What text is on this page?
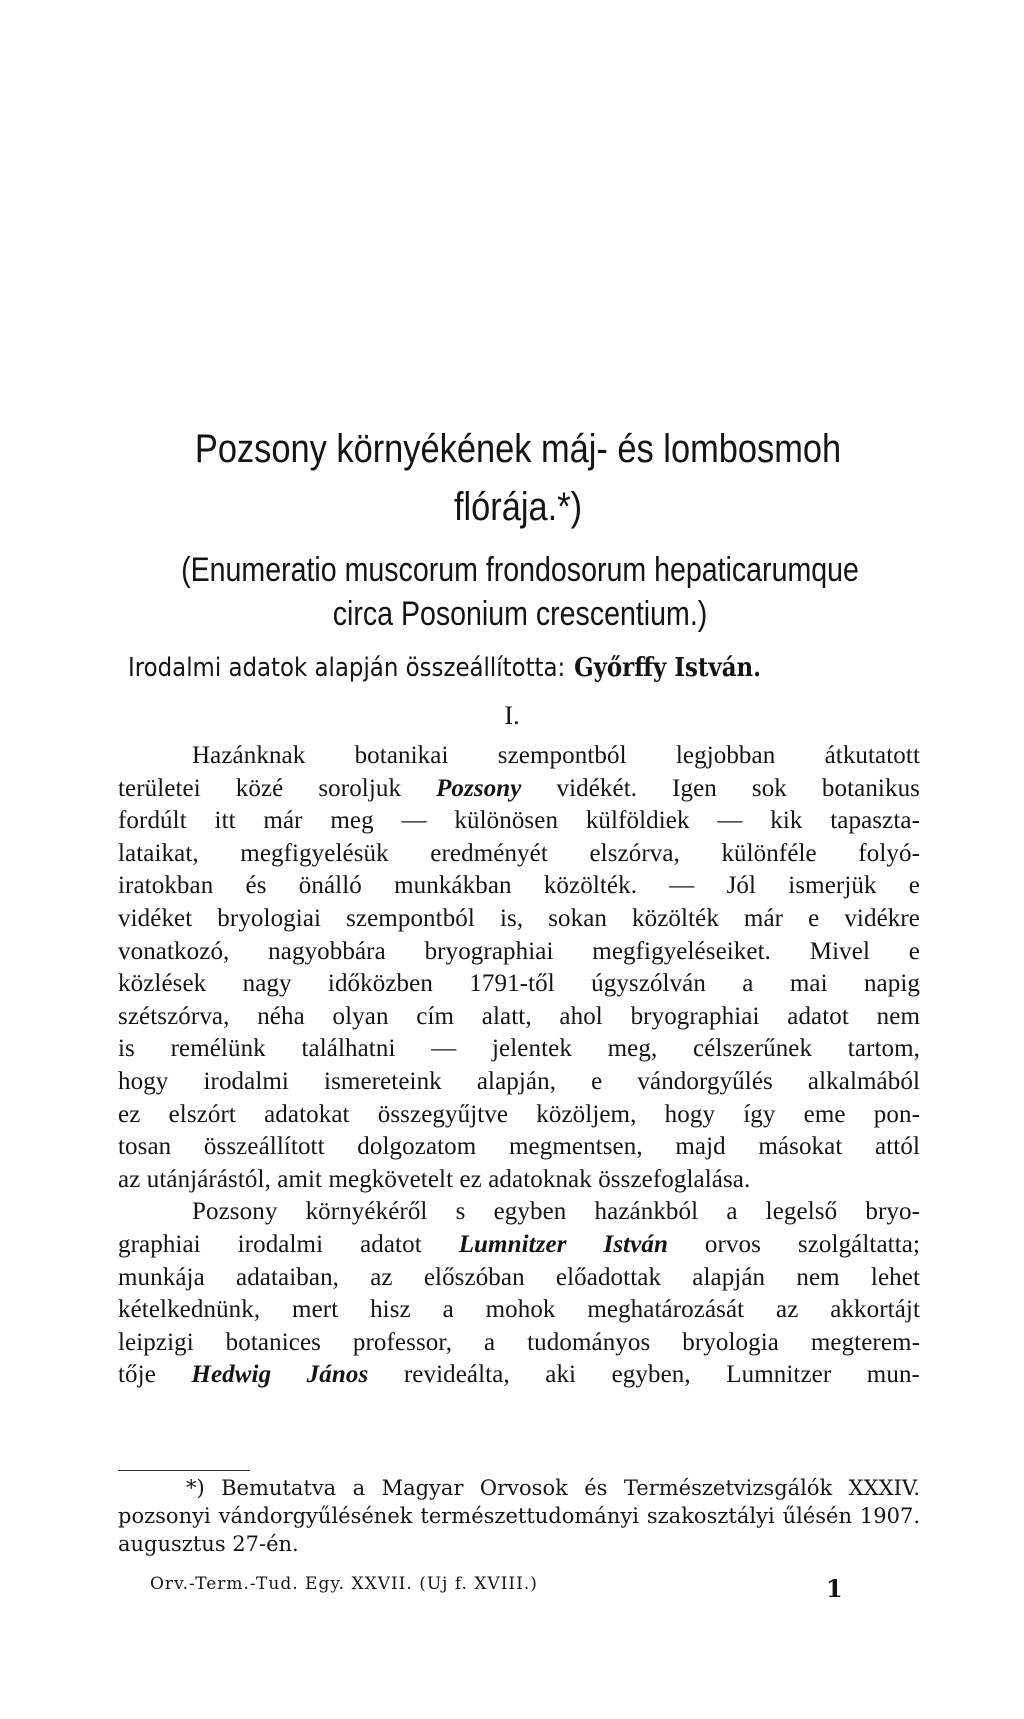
Pozsony környékének máj- és lombosmoh
flórája.*)
(Enumeratio muscorum frondosorum hepaticarumque
circa Posonium crescentium.)
Irodalmi adatok alapján összeállította: Győrffy István.
I.
Hazánknak botanikai szempontból legjobban átkutatott
területei közé soroljuk Pozsony vidékét. Igen sok botanikus
fordúlt itt már meg — különösen külföldiek — kik tapaszta-
lataikat, megfigyelésük eredményét elszórva, különféle folyó-
iratokban és önálló munkákban közölték. — Jól ismerjük e
vidéket bryologiai szempontból is, sokan közölték már e vidékre
vonatkozó, nagyobbára bryographiai megfigyeléseiket. Mivel e
közlések nagy időközben 1791-től úgyszólván a mai napig
szétszórva, néha olyan cím alatt, ahol bryographiai adatot nem
is remélünk találhatni — jelentek meg, célszerűnek tartom,
hogy irodalmi ismereteink alapján, e vándorgyűlés alkalmából
ez elszórt adatokat összegyűjtve közöljem, hogy így eme pon-
tosan összeállított dolgozatom megmentsen, majd másokat attól
az utánjárástól, amit megkövetelt ez adatoknak összefoglalása.
Pozsony környékéről s egyben hazánkból a legelső bryo-
graphiai irodalmi adatot Lumnitzer István orvos szolgáltatta;
munkája adataiban, az előszóban előadottak alapján nem lehet
kételkednünk, mert hisz a mohok meghatározását az akkortájt
leipzigi botanices professor, a tudományos bryologia megterem-
tője Hedwig János revideálta, aki egyben, Lumnitzer mun-
*) Bemutatva a Magyar Orvosok és Természetvizsgálók XXXIV.
pozsonyi vándorgyűlésének természettudományi szakosztályi űlésén 1907.
augusztus 27-én.
Orv.-Term.-Tud. Egy. XXVII. (Uj f. XVIII.)	1
